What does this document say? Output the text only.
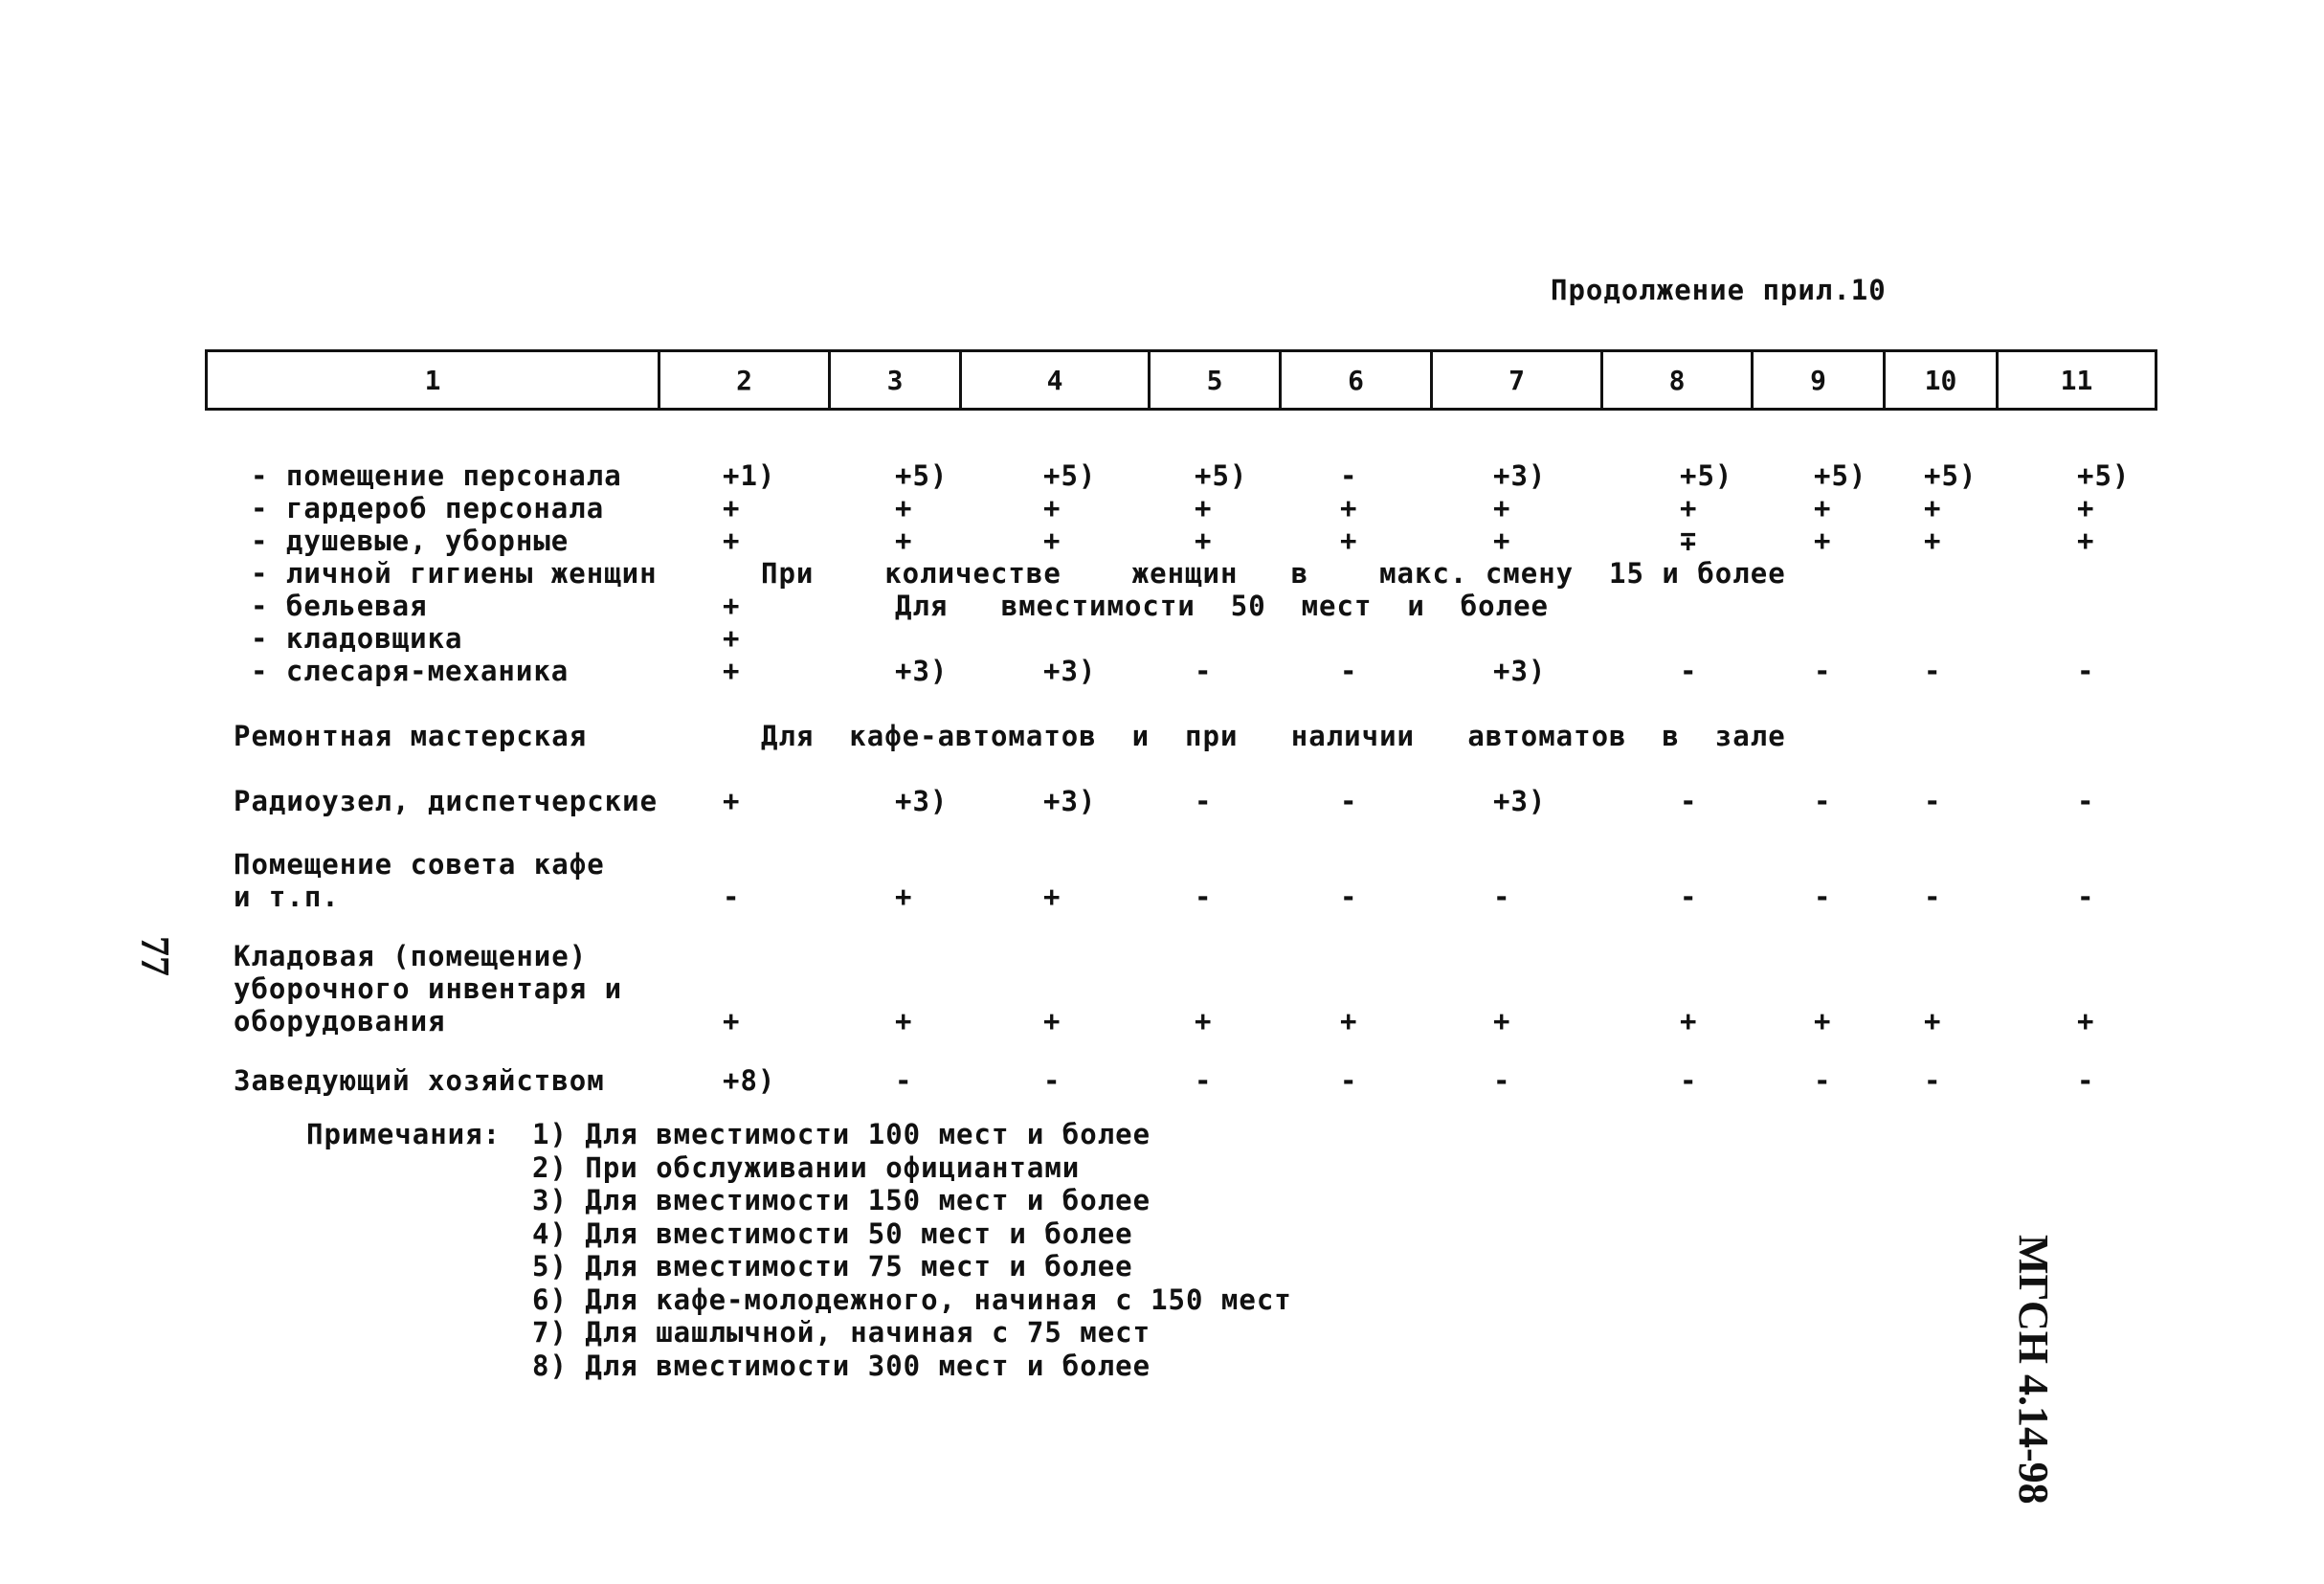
Продолжение прил.10
1	2	3	4	5	6	7	8	9	10	11
- помещение персонала	+1)	+5)	+5)	+5)	-	+3)	+5)	+5) +5)	+5)
- гардероб персонала	+	+	+	+	+	+	+	+	+	+
- душевые, уборные	+	+	+	+	+	+	∓	+	+	+
- личной гигиены женщин	При    количестве    женщин   в    макс. смену  15 и более
- бельевая	+	Для   вместимости  50  мест  и  более
- кладовщика	+
- слесаря-механика	+	+3)	+3)	-	-	+3)	-	-	-	-
Ремонтная мастерская	Для  кафе-автоматов  и  при   наличии   автоматов  в  зале
Радиоузел, диспетчерские +	+3)	+3)	-	-	+3)	-	-	-	-
Помещение совета кафе
и т.п.	-	+	+	-	-	-	-	-	-	-
Кладовая (помещение)
уборочного инвентаря и
оборудования	+	+	+	+	+	+	+	+	+	+
Заведующий хозяйством	+8)	-	-	-	-	-	-	-	-	-
Примечания: 1) Для вместимости 100 мест и более
2) При обслуживании официантами
3) Для вместимости 150 мест и более
4) Для вместимости 50 мест и более
5) Для вместимости 75 мест и более
6) Для кафе-молодежного, начиная с 150 мест
7) Для шашлычной, начиная с 75 мест
8) Для вместимости 300 мест и более
77
МГСН 4.14-98
